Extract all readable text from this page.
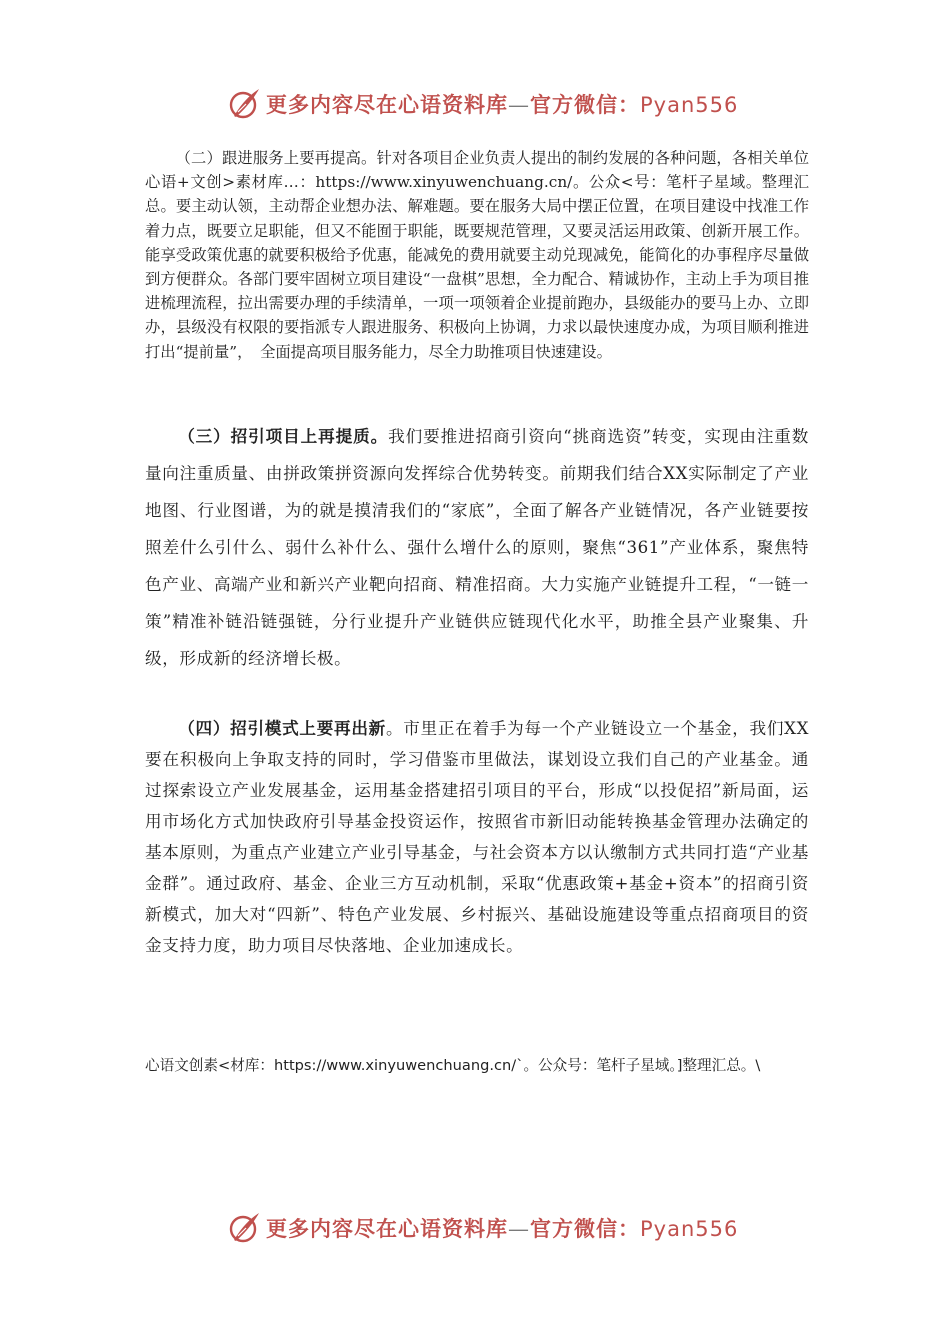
更多内容尽在心语资料库—官方微信：Pyan556

（二）跟进服务上要再提高。针对各项目企业负责人提出的制约发展的各种问题，各相关单位心语+文创>素材库…：https://www.xinyuwenchuang.cn/。公众<号：笔杆子星域。整理汇总。要主动认领，主动帮企业想办法、解难题。要在服务大局中摆正位置，在项目建设中找准工作着力点，既要立足职能，但又不能囿于职能，既要规范管理，又要灵活运用政策、创新开展工作。能享受政策优惠的就要积极给予优惠，能减免的费用就要主动兑现减免，能简化的办事程序尽量做到方便群众。各部门要牢固树立项目建设“一盘棋”思想，全力配合、精诚协作，主动上手为项目推进梳理流程，拉出需要办理的手续清单，一项一项领着企业提前跑办，县级能办的要马上办、立即办，县级没有权限的要指派专人跟进服务、积极向上协调，力求以最快速度办成，为项目顺利推进打出“提前量”，　全面提高项目服务能力，尽全力助推项目快速建设。

（三）招引项目上再提质。我们要推进招商引资向“挑商选资”转变，实现由注重数量向注重质量、由拼政策拼资源向发挥综合优势转变。前期我们结合XX实际制定了产业地图、行业图谱，为的就是摸清我们的“家底”，全面了解各产业链情况，各产业链要按照差什么引什么、弱什么补什么、强什么增什么的原则，聚焦“361”产业体系，聚焦特色产业、高端产业和新兴产业靶向招商、精准招商。大力实施产业链提升工程，“一链一策”精准补链沿链强链，分行业提升产业链供应链现代化水平，助推全县产业聚集、升级，形成新的经济增长极。

（四）招引模式上要再出新。市里正在着手为每一个产业链设立一个基金，我们XX要在积极向上争取支持的同时，学习借鉴市里做法，谋划设立我们自己的产业基金。通过探索设立产业发展基金，运用基金搭建招引项目的平台，形成“以投促招”新局面，运用市场化方式加快政府引导基金投资运作，按照省市新旧动能转换基金管理办法确定的基本原则，为重点产业建立产业引导基金，与社会资本方以认缴制方式共同打造“产业基金群”。通过政府、基金、企业三方互动机制，采取“优惠政策+基金+资本”的招商引资新模式，加大对“四新”、特色产业发展、乡村振兴、基础设施建设等重点招商项目的资金支持力度，助力项目尽快落地、企业加速成长。

心语文创素<材库：https://www.xinyuwenchuang.cn/`。公众号：笔杆子星域。]整理汇总。\
更多内容尽在心语资料库—官方微信：Pyan556
